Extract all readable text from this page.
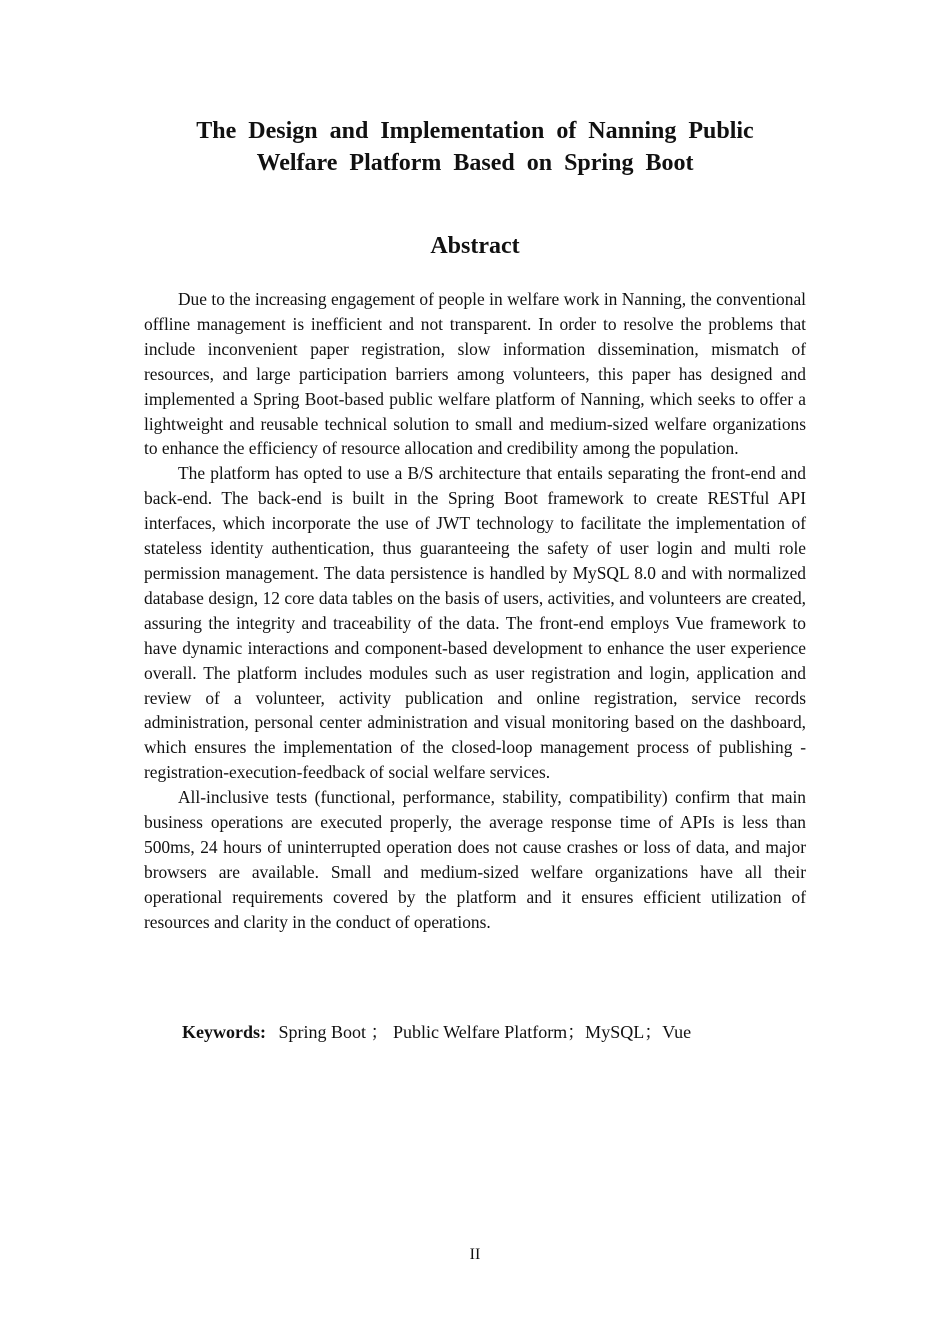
The Design and Implementation of Nanning Public
Welfare Platform Based on Spring Boot
Abstract

Due to the increasing engagement of people in welfare work in Nanning, the conventional offline management is inefficient and not transparent. In order to resolve the problems that include inconvenient paper registration, slow information dissemination, mismatch of resources, and large participation barriers among volunteers, this paper has designed and implemented a Spring Boot-based public welfare platform of Nanning, which seeks to offer a lightweight and reusable technical solution to small and medium-sized welfare organizations to enhance the efficiency of resource allocation and credibility among the population.

The platform has opted to use a B/S architecture that entails separating the front-end and back-end. The back-end is built in the Spring Boot framework to create RESTful API interfaces, which incorporate the use of JWT technology to facilitate the implementation of stateless identity authentication, thus guaranteeing the safety of user login and multi role permission management. The data persistence is handled by MySQL 8.0 and with normalized database design, 12 core data tables on the basis of users, activities, and volunteers are created, assuring the integrity and traceability of the data. The front-end employs Vue framework to have dynamic interactions and component-based development to enhance the user experience overall. The platform includes modules such as user registration and login, application and review of a volunteer, activity publication and online registration, service records administration, personal center administration and visual monitoring based on the dashboard, which ensures the implementation of the closed-loop management process of publishing -registration-execution-feedback of social welfare services.

All-inclusive tests (functional, performance, stability, compatibility) confirm that main business operations are executed properly, the average response time of APIs is less than 500ms, 24 hours of uninterrupted operation does not cause crashes or loss of data, and major browsers are available. Small and medium-sized welfare organizations have all their operational requirements covered by the platform and it ensures efficient utilization of resources and clarity in the conduct of operations.

Keywords: Spring Boot ； Public Welfare Platform；MySQL；Vue
II
